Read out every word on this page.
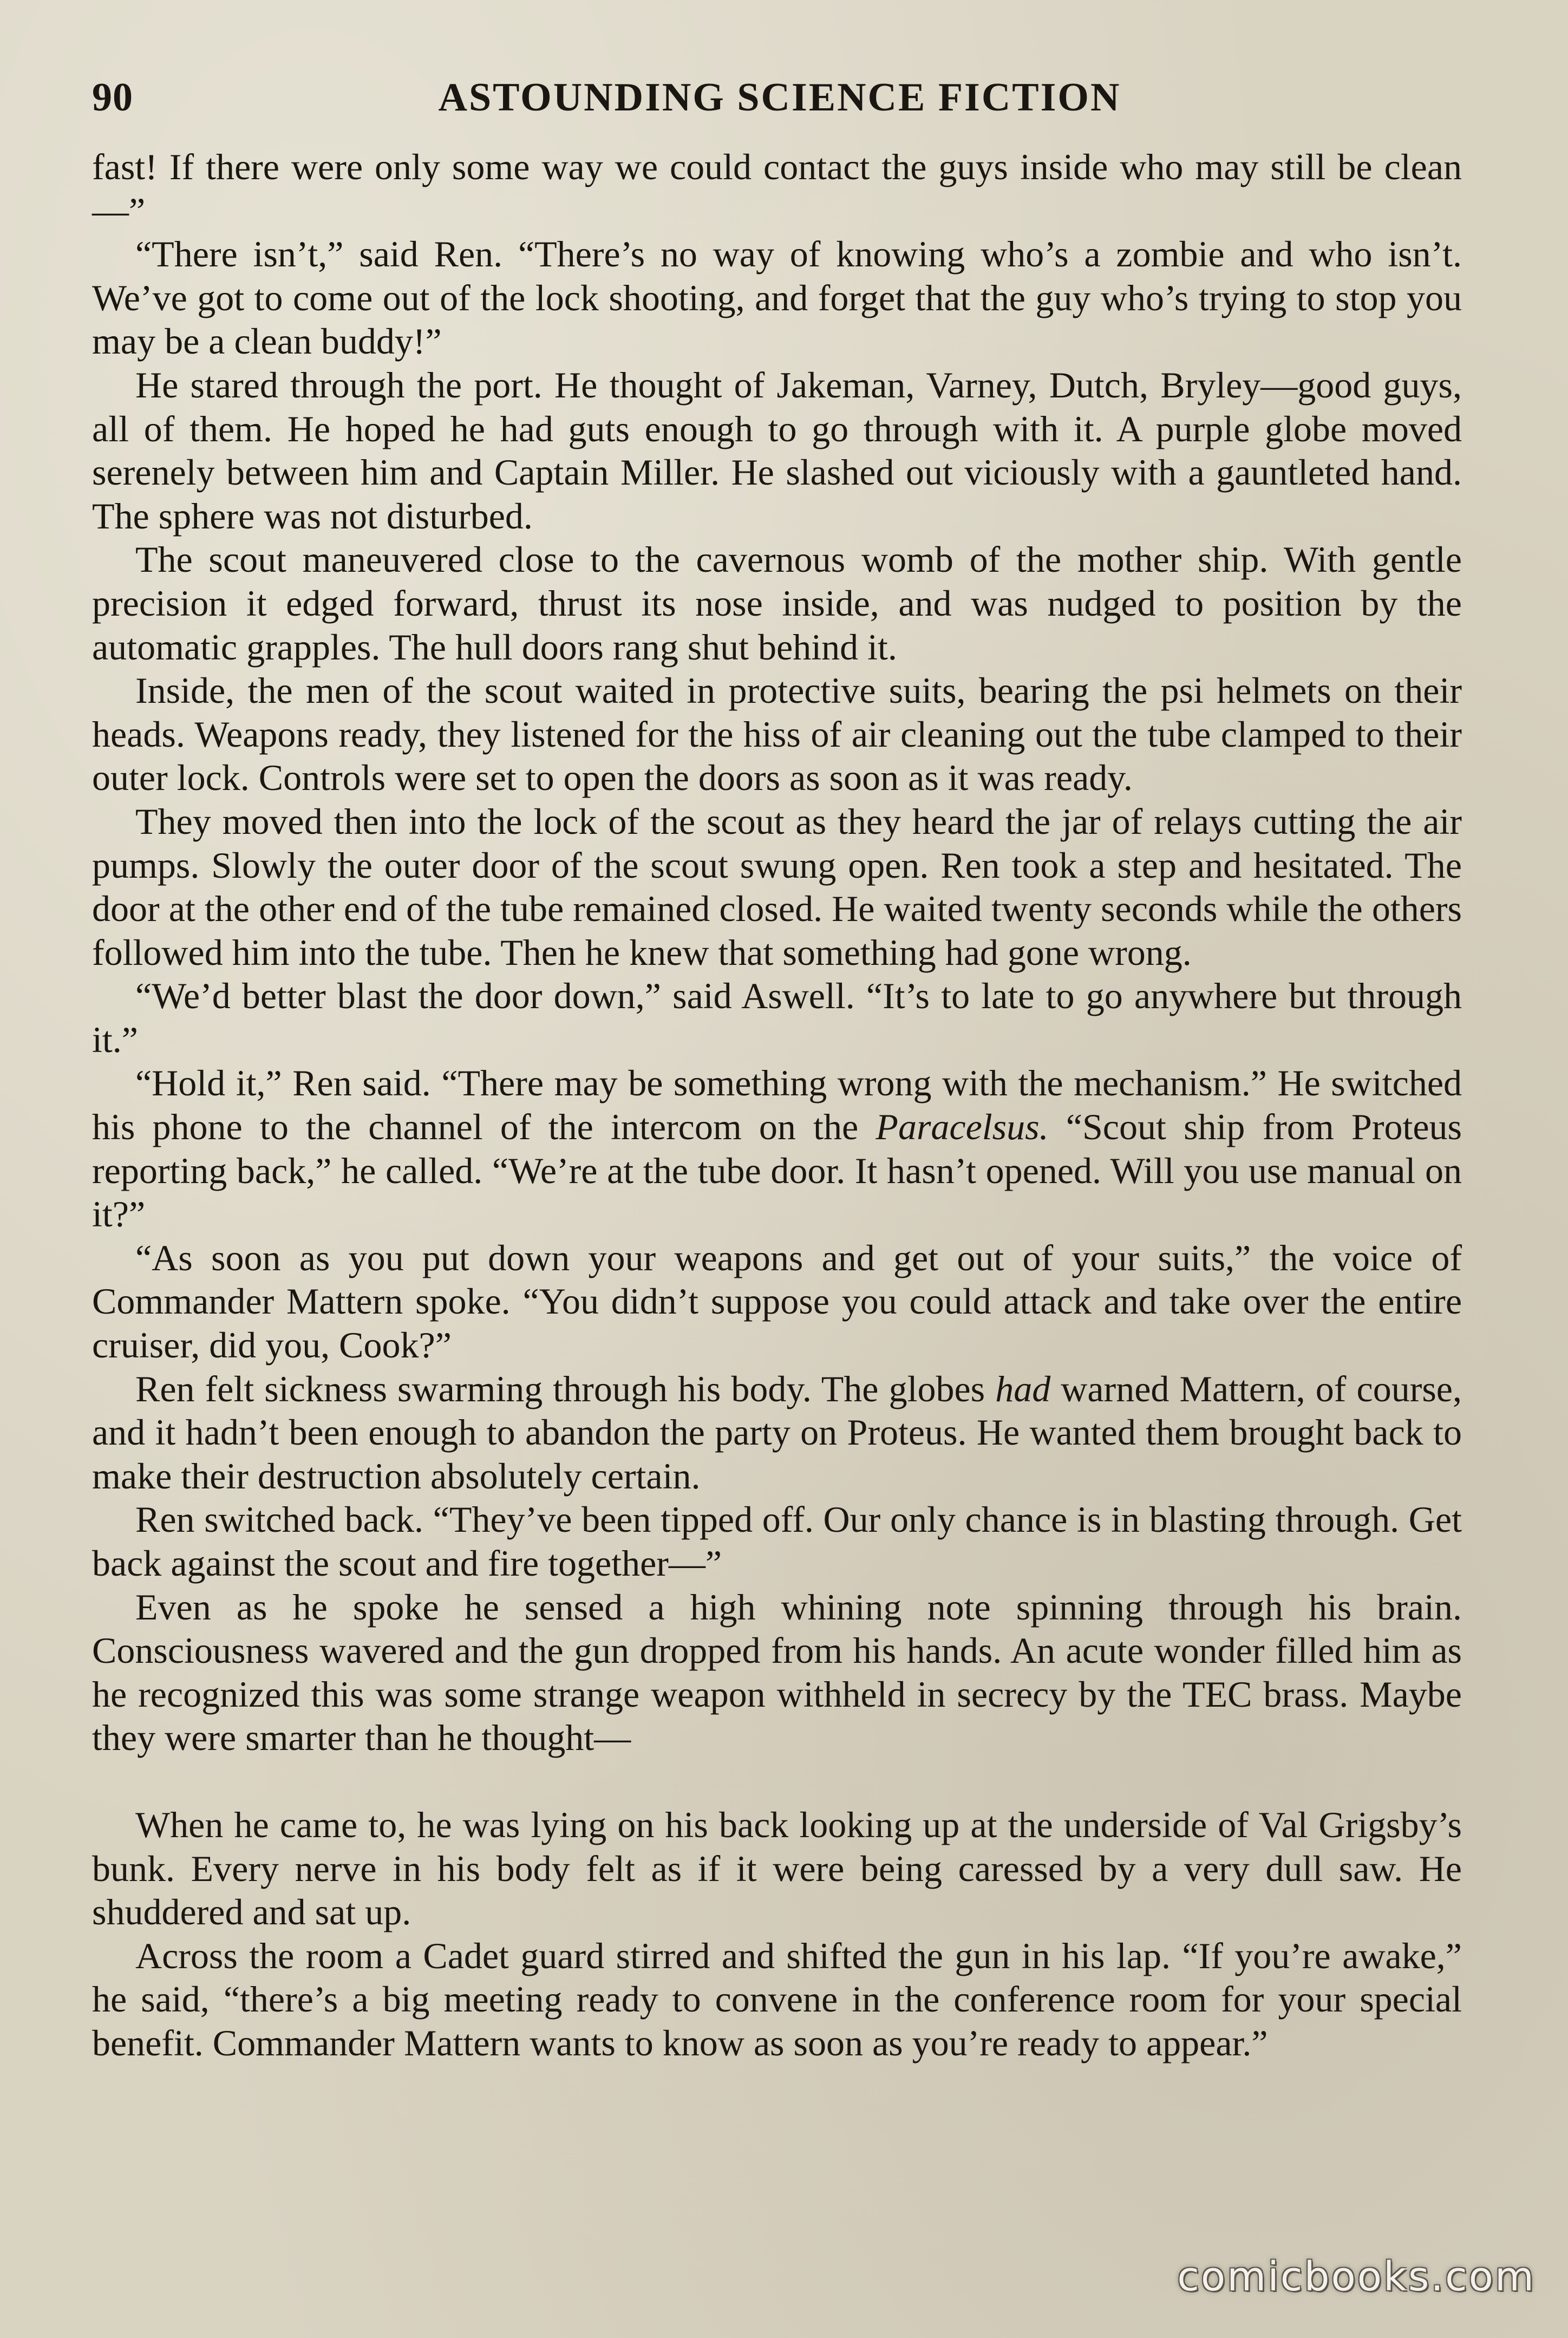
90	ASTOUNDING SCIENCE FICTION

fast! If there were only some way we could contact the guys inside who may still be clean—”

“There isn’t,” said Ren. “There’s no way of knowing who’s a zombie and who isn’t. We’ve got to come out of the lock shooting, and forget that the guy who’s trying to stop you may be a clean buddy!”

He stared through the port. He thought of Jakeman, Varney, Dutch, Bryley—good guys, all of them. He hoped he had guts enough to go through with it. A purple globe moved serenely between him and Captain Miller. He slashed out viciously with a gauntleted hand. The sphere was not disturbed.

The scout maneuvered close to the cavernous womb of the mother ship. With gentle precision it edged forward, thrust its nose inside, and was nudged to position by the automatic grapples. The hull doors rang shut behind it.

Inside, the men of the scout waited in protective suits, bearing the psi helmets on their heads. Weapons ready, they listened for the hiss of air cleaning out the tube clamped to their outer lock. Controls were set to open the doors as soon as it was ready.

They moved then into the lock of the scout as they heard the jar of relays cutting the air pumps. Slowly the outer door of the scout swung open. Ren took a step and hesitated. The door at the other end of the tube remained closed. He waited twenty seconds while the others followed him into the tube. Then he knew that something had gone wrong.

“We’d better blast the door down,” said Aswell. “It’s to late to go anywhere but through it.”

“Hold it,” Ren said. “There may be something wrong with the mechanism.” He switched his phone to the channel of the intercom on the Paracelsus. “Scout ship from Proteus reporting back,” he called. “We’re at the tube door. It hasn’t opened. Will you use manual on it?”

“As soon as you put down your weapons and get out of your suits,” the voice of Commander Mattern spoke. “You didn’t suppose you could attack and take over the entire cruiser, did you, Cook?”

Ren felt sickness swarming through his body. The globes had warned Mattern, of course, and it hadn’t been enough to abandon the party on Proteus. He wanted them brought back to make their destruction absolutely certain.

Ren switched back. “They’ve been tipped off. Our only chance is in blasting through. Get back against the scout and fire together—”

Even as he spoke he sensed a high whining note spinning through his brain. Consciousness wavered and the gun dropped from his hands. An acute wonder filled him as he recognized this was some strange weapon withheld in secrecy by the TEC brass. Maybe they were smarter than he thought—

When he came to, he was lying on his back looking up at the underside of Val Grigsby’s bunk. Every nerve in his body felt as if it were being caressed by a very dull saw. He shuddered and sat up.

Across the room a Cadet guard stirred and shifted the gun in his lap. “If you’re awake,” he said, “there’s a big meeting ready to convene in the conference room for your special benefit. Commander Mattern wants to know as soon as you’re ready to appear.”

comicbooks.com
